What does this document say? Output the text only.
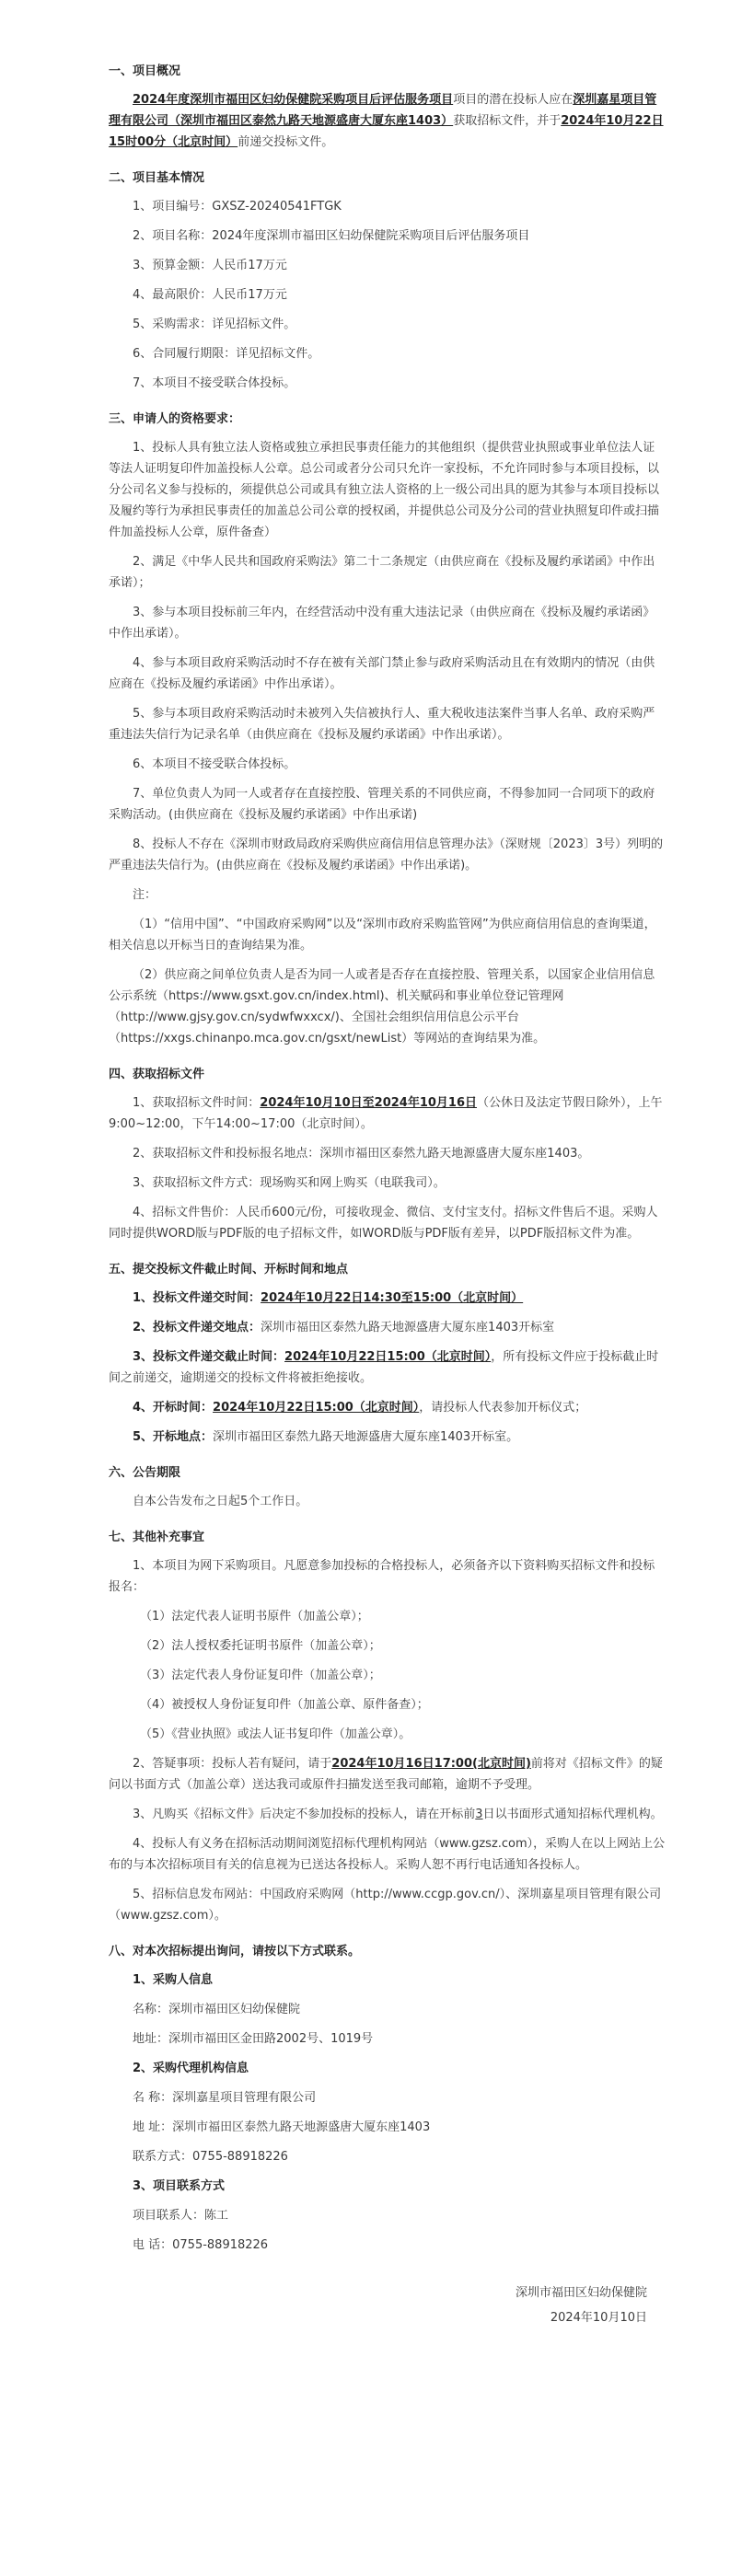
一、项目概况

2024年度深圳市福田区妇幼保健院采购项目后评估服务项目项目的潜在投标人应在深圳嘉星项目管理有限公司（深圳市福田区泰然九路天地源盛唐大厦东座1403）获取招标文件，并于2024年10月22日15时00分（北京时间）前递交投标文件。

二、项目基本情况

1、项目编号：GXSZ-20240541FTGK

2、项目名称：2024年度深圳市福田区妇幼保健院采购项目后评估服务项目

3、预算金额：人民币17万元

4、最高限价：人民币17万元

5、采购需求：详见招标文件。

6、合同履行期限：详见招标文件。

7、本项目不接受联合体投标。

三、申请人的资格要求：

1、投标人具有独立法人资格或独立承担民事责任能力的其他组织（提供营业执照或事业单位法人证等法人证明复印件加盖投标人公章。总公司或者分公司只允许一家投标，不允许同时参与本项目投标，以分公司名义参与投标的，须提供总公司或具有独立法人资格的上一级公司出具的愿为其参与本项目投标以及履约等行为承担民事责任的加盖总公司公章的授权函，并提供总公司及分公司的营业执照复印件或扫描件加盖投标人公章，原件备查）

2、满足《中华人民共和国政府采购法》第二十二条规定（由供应商在《投标及履约承诺函》中作出承诺）；

3、参与本项目投标前三年内，在经营活动中没有重大违法记录（由供应商在《投标及履约承诺函》中作出承诺）。

4、参与本项目政府采购活动时不存在被有关部门禁止参与政府采购活动且在有效期内的情况（由供应商在《投标及履约承诺函》中作出承诺）。

5、参与本项目政府采购活动时未被列入失信被执行人、重大税收违法案件当事人名单、政府采购严重违法失信行为记录名单（由供应商在《投标及履约承诺函》中作出承诺）。

6、本项目不接受联合体投标。

7、单位负责人为同一人或者存在直接控股、管理关系的不同供应商，不得参加同一合同项下的政府采购活动。(由供应商在《投标及履约承诺函》中作出承诺)

8、投标人不存在《深圳市财政局政府采购供应商信用信息管理办法》（深财规〔2023〕3号）列明的严重违法失信行为。(由供应商在《投标及履约承诺函》中作出承诺)。

注：

（1）“信用中国”、“中国政府采购网”以及“深圳市政府采购监管网”为供应商信用信息的查询渠道，相关信息以开标当日的查询结果为准。

（2）供应商之间单位负责人是否为同一人或者是否存在直接控股、管理关系，以国家企业信用信息公示系统（https://www.gsxt.gov.cn/index.html)、机关赋码和事业单位登记管理网（http://www.gjsy.gov.cn/sydwfwxxcx/)、全国社会组织信用信息公示平台（https://xxgs.chinanpo.mca.gov.cn/gsxt/newList）等网站的查询结果为准。

四、获取招标文件

1、获取招标文件时间：2024年10月10日至2024年10月16日（公休日及法定节假日除外），上午9:00~12:00，下午14:00~17:00（北京时间）。

2、获取招标文件和投标报名地点：深圳市福田区泰然九路天地源盛唐大厦东座1403。

3、获取招标文件方式：现场购买和网上购买（电联我司）。

4、招标文件售价：人民币600元/份，可接收现金、微信、支付宝支付。招标文件售后不退。采购人同时提供WORD版与PDF版的电子招标文件，如WORD版与PDF版有差异，以PDF版招标文件为准。

五、提交投标文件截止时间、开标时间和地点

1、投标文件递交时间：2024年10月22日14:30至15:00（北京时间）

2、投标文件递交地点：深圳市福田区泰然九路天地源盛唐大厦东座1403开标室

3、投标文件递交截止时间：2024年10月22日15:00（北京时间），所有投标文件应于投标截止时间之前递交，逾期递交的投标文件将被拒绝接收。

4、开标时间：2024年10月22日15:00（北京时间），请投标人代表参加开标仪式；

5、开标地点：深圳市福田区泰然九路天地源盛唐大厦东座1403开标室。

六、公告期限

自本公告发布之日起5个工作日。

七、其他补充事宜

1、本项目为网下采购项目。凡愿意参加投标的合格投标人，必须备齐以下资料购买招标文件和投标报名：

（1）法定代表人证明书原件（加盖公章）；

（2）法人授权委托证明书原件（加盖公章）；

（3）法定代表人身份证复印件（加盖公章）；

（4）被授权人身份证复印件（加盖公章、原件备查）；

（5）《营业执照》或法人证书复印件（加盖公章）。

2、答疑事项：投标人若有疑问，请于2024年10月16日17:00(北京时间)前将对《招标文件》的疑问以书面方式（加盖公章）送达我司或原件扫描发送至我司邮箱，逾期不予受理。

3、凡购买《招标文件》后决定不参加投标的投标人，请在开标前3日以书面形式通知招标代理机构。

4、投标人有义务在招标活动期间浏览招标代理机构网站（www.gzsz.com），采购人在以上网站上公布的与本次招标项目有关的信息视为已送达各投标人。采购人恕不再行电话通知各投标人。

5、招标信息发布网站：中国政府采购网（http://www.ccgp.gov.cn/）、深圳嘉星项目管理有限公司（www.gzsz.com）。

八、对本次招标提出询问，请按以下方式联系。

1、采购人信息

名称：深圳市福田区妇幼保健院

地址：深圳市福田区金田路2002号、1019号

2、采购代理机构信息

名 称：深圳嘉星项目管理有限公司

地 址：深圳市福田区泰然九路天地源盛唐大厦东座1403

联系方式：0755-88918226

3、项目联系方式

项目联系人：陈工

电 话：0755-88918226

深圳市福田区妇幼保健院

2024年10月10日
